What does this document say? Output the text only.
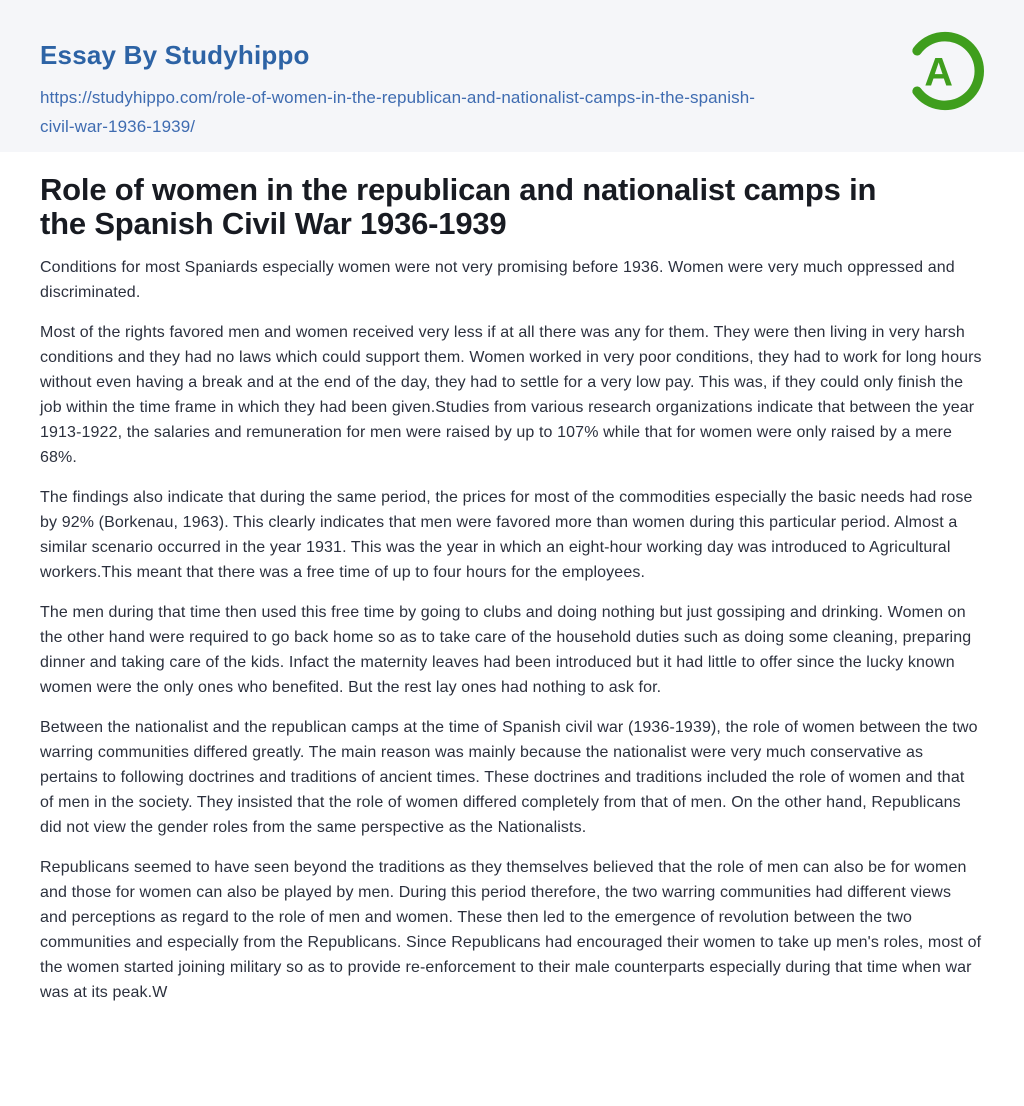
Essay By Studyhippo
https://studyhippo.com/role-of-women-in-the-republican-and-nationalist-camps-in-the-spanish-civil-war-1936-1939/
A
Role of women in the republican and nationalist camps in the Spanish Civil War 1936-1939

Conditions for most Spaniards especially women were not very promising before 1936. Women were very much oppressed and discriminated.

Most of the rights favored men and women received very less if at all there was any for them. They were then living in very harsh conditions and they had no laws which could support them. Women worked in very poor conditions, they had to work for long hours without even having a break and at the end of the day, they had to settle for a very low pay. This was, if they could only finish the job within the time frame in which they had been given.Studies from various research organizations indicate that between the year 1913-1922, the salaries and remuneration for men were raised by up to 107% while that for women were only raised by a mere 68%.

The findings also indicate that during the same period, the prices for most of the commodities especially the basic needs had rose by 92% (Borkenau, 1963). This clearly indicates that men were favored more than women during this particular period. Almost a similar scenario occurred in the year 1931. This was the year in which an eight-hour working day was introduced to Agricultural workers.This meant that there was a free time of up to four hours for the employees.

The men during that time then used this free time by going to clubs and doing nothing but just gossiping and drinking. Women on the other hand were required to go back home so as to take care of the household duties such as doing some cleaning, preparing dinner and taking care of the kids. Infact the maternity leaves had been introduced but it had little to offer since the lucky known women were the only ones who benefited. But the rest lay ones had nothing to ask for.

Between the nationalist and the republican camps at the time of Spanish civil war (1936-1939), the role of women between the two warring communities differed greatly. The main reason was mainly because the nationalist were very much conservative as pertains to following doctrines and traditions of ancient times. These doctrines and traditions included the role of women and that of men in the society. They insisted that the role of women differed completely from that of men. On the other hand, Republicans did not view the gender roles from the same perspective as the Nationalists.

Republicans seemed to have seen beyond the traditions as they themselves believed that the role of men can also be for women and those for women can also be played by men. During this period therefore, the two warring communities had different views and perceptions as regard to the role of men and women. These then led to the emergence of revolution between the two communities and especially from the Republicans. Since Republicans had encouraged their women to take up men's roles, most of the women started joining military so as to provide re-enforcement to their male counterparts especially during that time when war was at its peak.W
